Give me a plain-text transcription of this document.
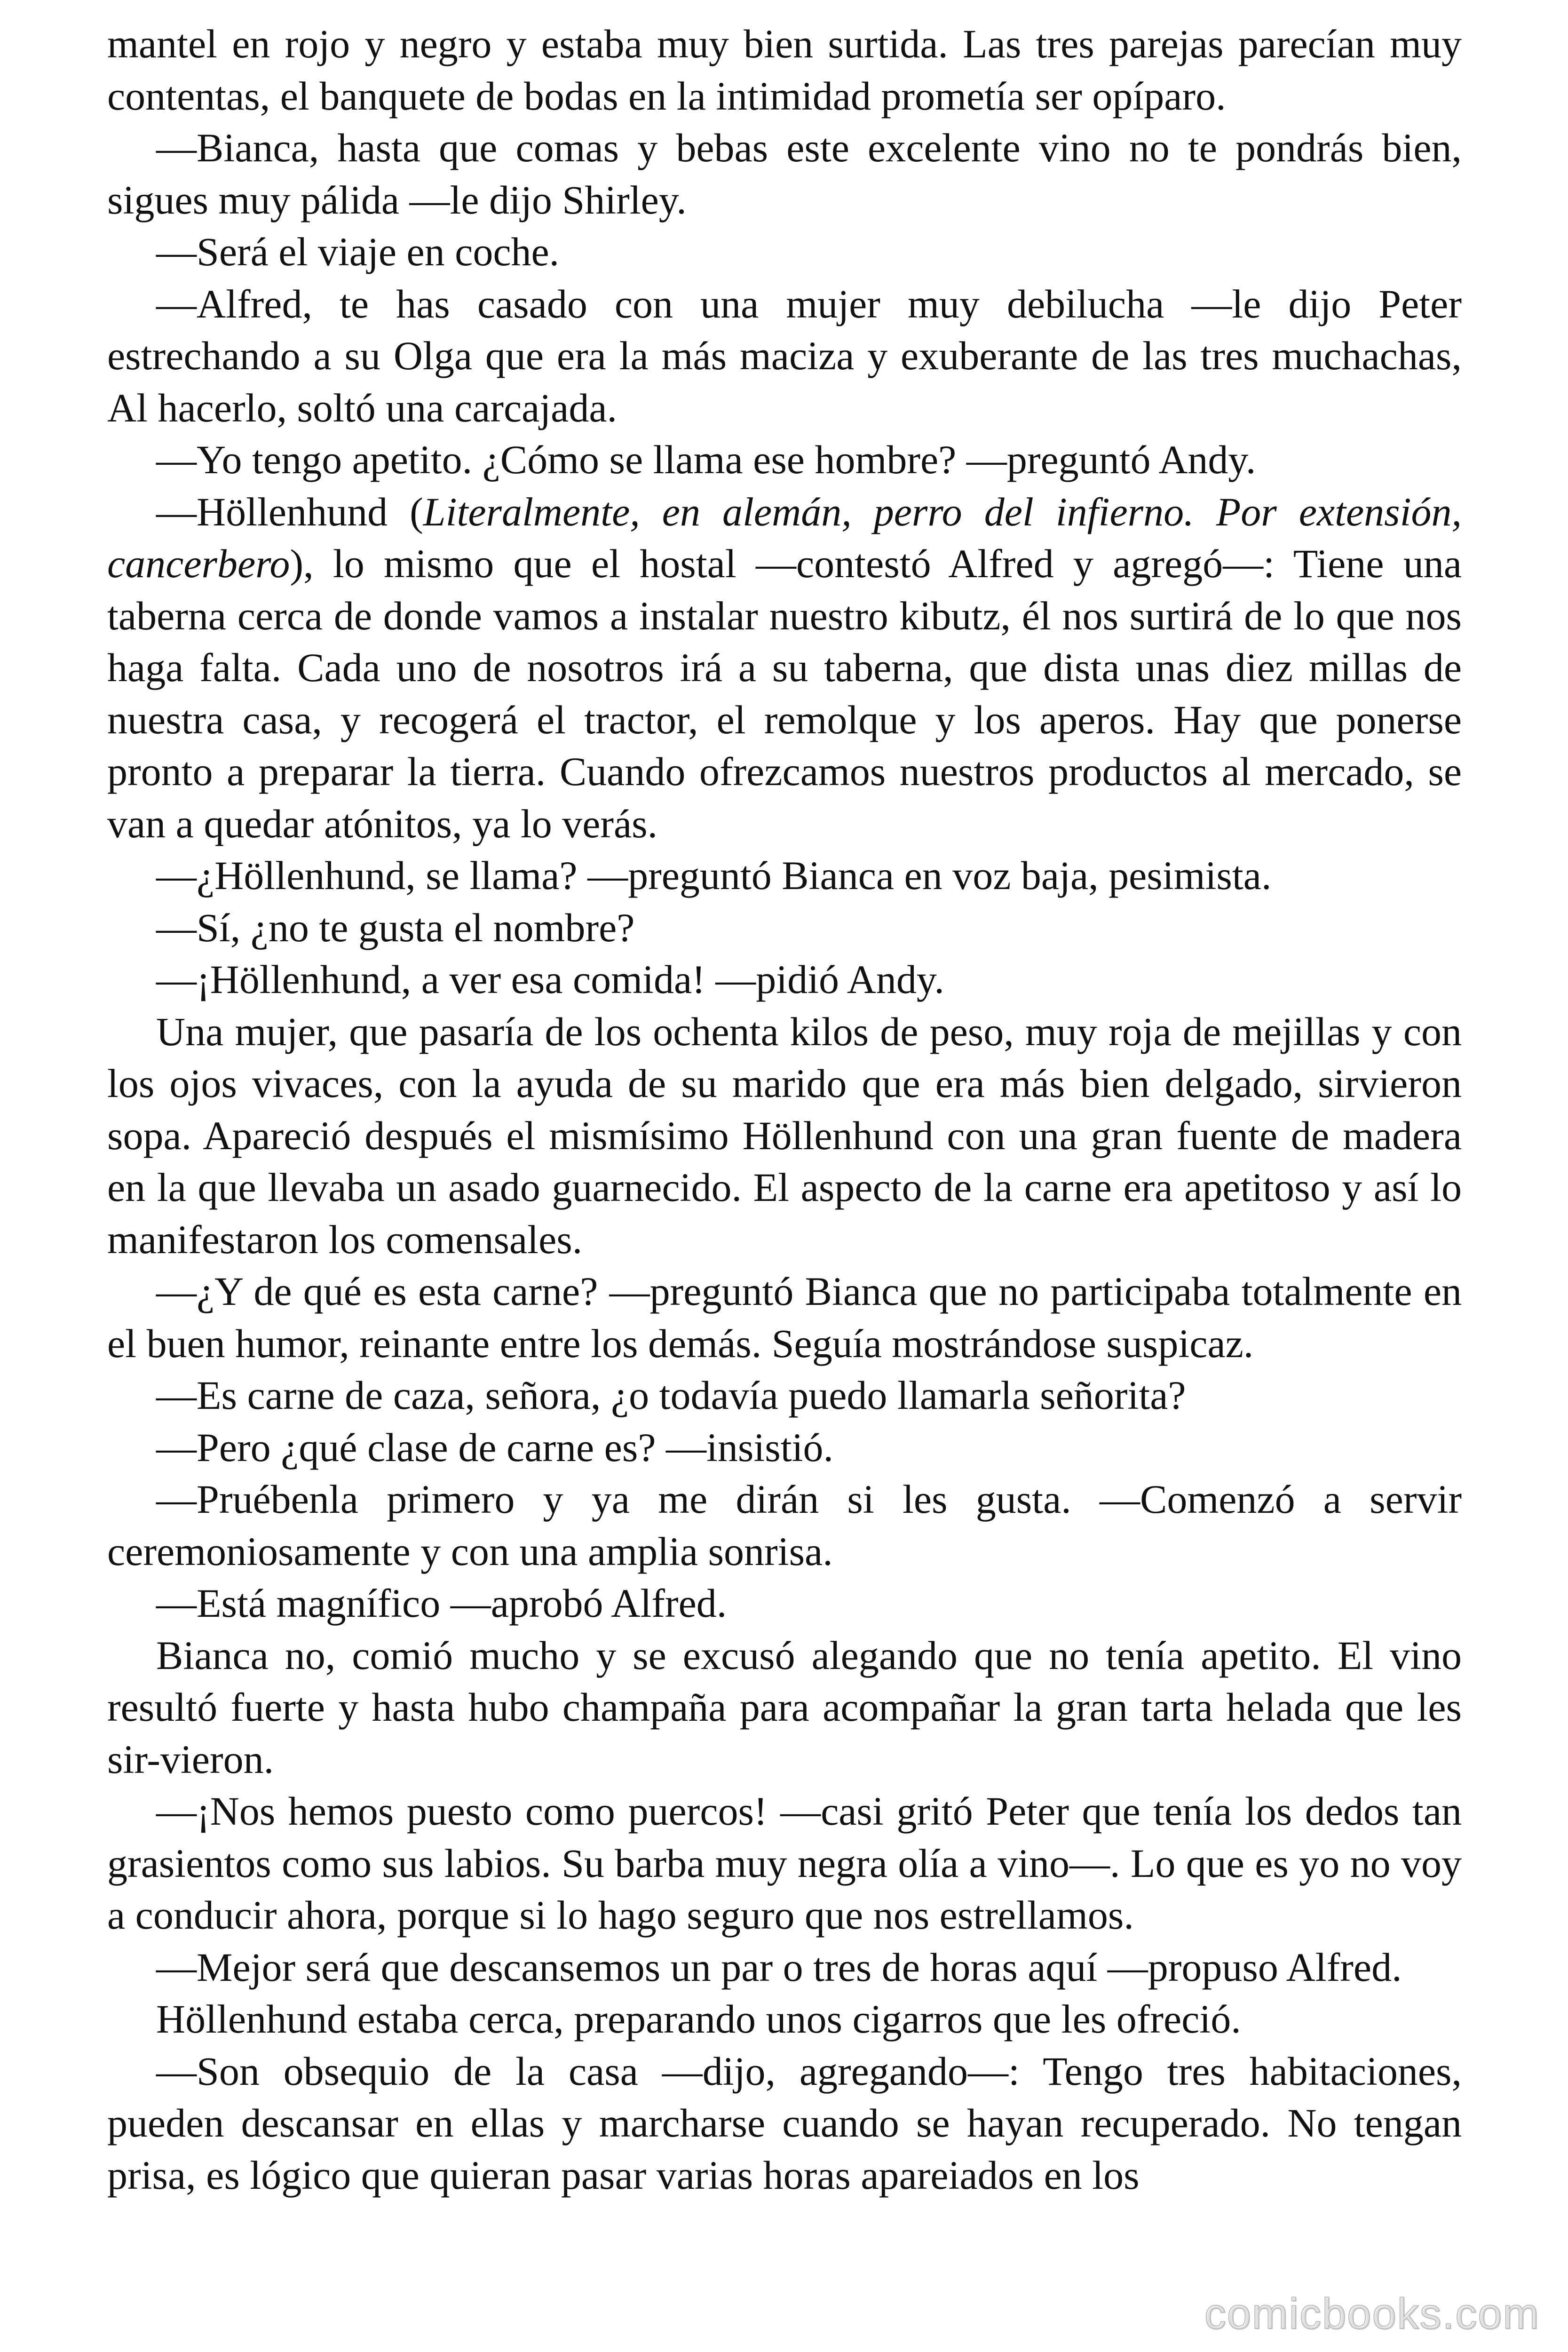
mantel en rojo y negro y estaba muy bien surtida. Las tres parejas parecían muy contentas, el banquete de bodas en la intimidad prometía ser opíparo.

—Bianca, hasta que comas y bebas este excelente vino no te pondrás bien, sigues muy pálida —le dijo Shirley.

—Será el viaje en coche.

—Alfred, te has casado con una mujer muy debilucha —le dijo Peter estrechando a su Olga que era la más maciza y exuberante de las tres muchachas, Al hacerlo, soltó una carcajada.

—Yo tengo apetito. ¿Cómo se llama ese hombre? —preguntó Andy.

—Höllenhund (Literalmente, en alemán, perro del infierno. Por extensión, cancerbero), lo mismo que el hostal —contestó Alfred y agregó—: Tiene una taberna cerca de donde vamos a instalar nuestro kibutz, él nos surtirá de lo que nos haga falta. Cada uno de nosotros irá a su taberna, que dista unas diez millas de nuestra casa, y recogerá el tractor, el remolque y los aperos. Hay que ponerse pronto a preparar la tierra. Cuando ofrezcamos nuestros productos al mercado, se van a quedar atónitos, ya lo verás.

—¿Höllenhund, se llama? —preguntó Bianca en voz baja, pesimista.

—Sí, ¿no te gusta el nombre?

—¡Höllenhund, a ver esa comida! —pidió Andy.

Una mujer, que pasaría de los ochenta kilos de peso, muy roja de mejillas y con los ojos vivaces, con la ayuda de su marido que era más bien delgado, sirvieron sopa. Apareció después el mismísimo Höllenhund con una gran fuente de madera en la que llevaba un asado guarnecido. El aspecto de la carne era apetitoso y así lo manifestaron los comensales.

—¿Y de qué es esta carne? —preguntó Bianca que no participaba totalmente en el buen humor, reinante entre los demás. Seguía mostrándose suspicaz.

—Es carne de caza, señora, ¿o todavía puedo llamarla señorita?

—Pero ¿qué clase de carne es? —insistió.

—Pruébenla primero y ya me dirán si les gusta. —Comenzó a servir ceremoniosamente y con una amplia sonrisa.

—Está magnífico —aprobó Alfred.

Bianca no, comió mucho y se excusó alegando que no tenía apetito. El vino resultó fuerte y hasta hubo champaña para acompañar la gran tarta helada que les sir-vieron.

—¡Nos hemos puesto como puercos! —casi gritó Peter que tenía los dedos tan grasientos como sus labios. Su barba muy negra olía a vino—. Lo que es yo no voy a conducir ahora, porque si lo hago seguro que nos estrellamos.

—Mejor será que descansemos un par o tres de horas aquí —propuso Alfred.

Höllenhund estaba cerca, preparando unos cigarros que les ofreció.

—Son obsequio de la casa —dijo, agregando—: Tengo tres habitaciones, pueden descansar en ellas y marcharse cuando se hayan recuperado. No tengan prisa, es lógico que quieran pasar varias horas apareiados en los

comicbooks.com
